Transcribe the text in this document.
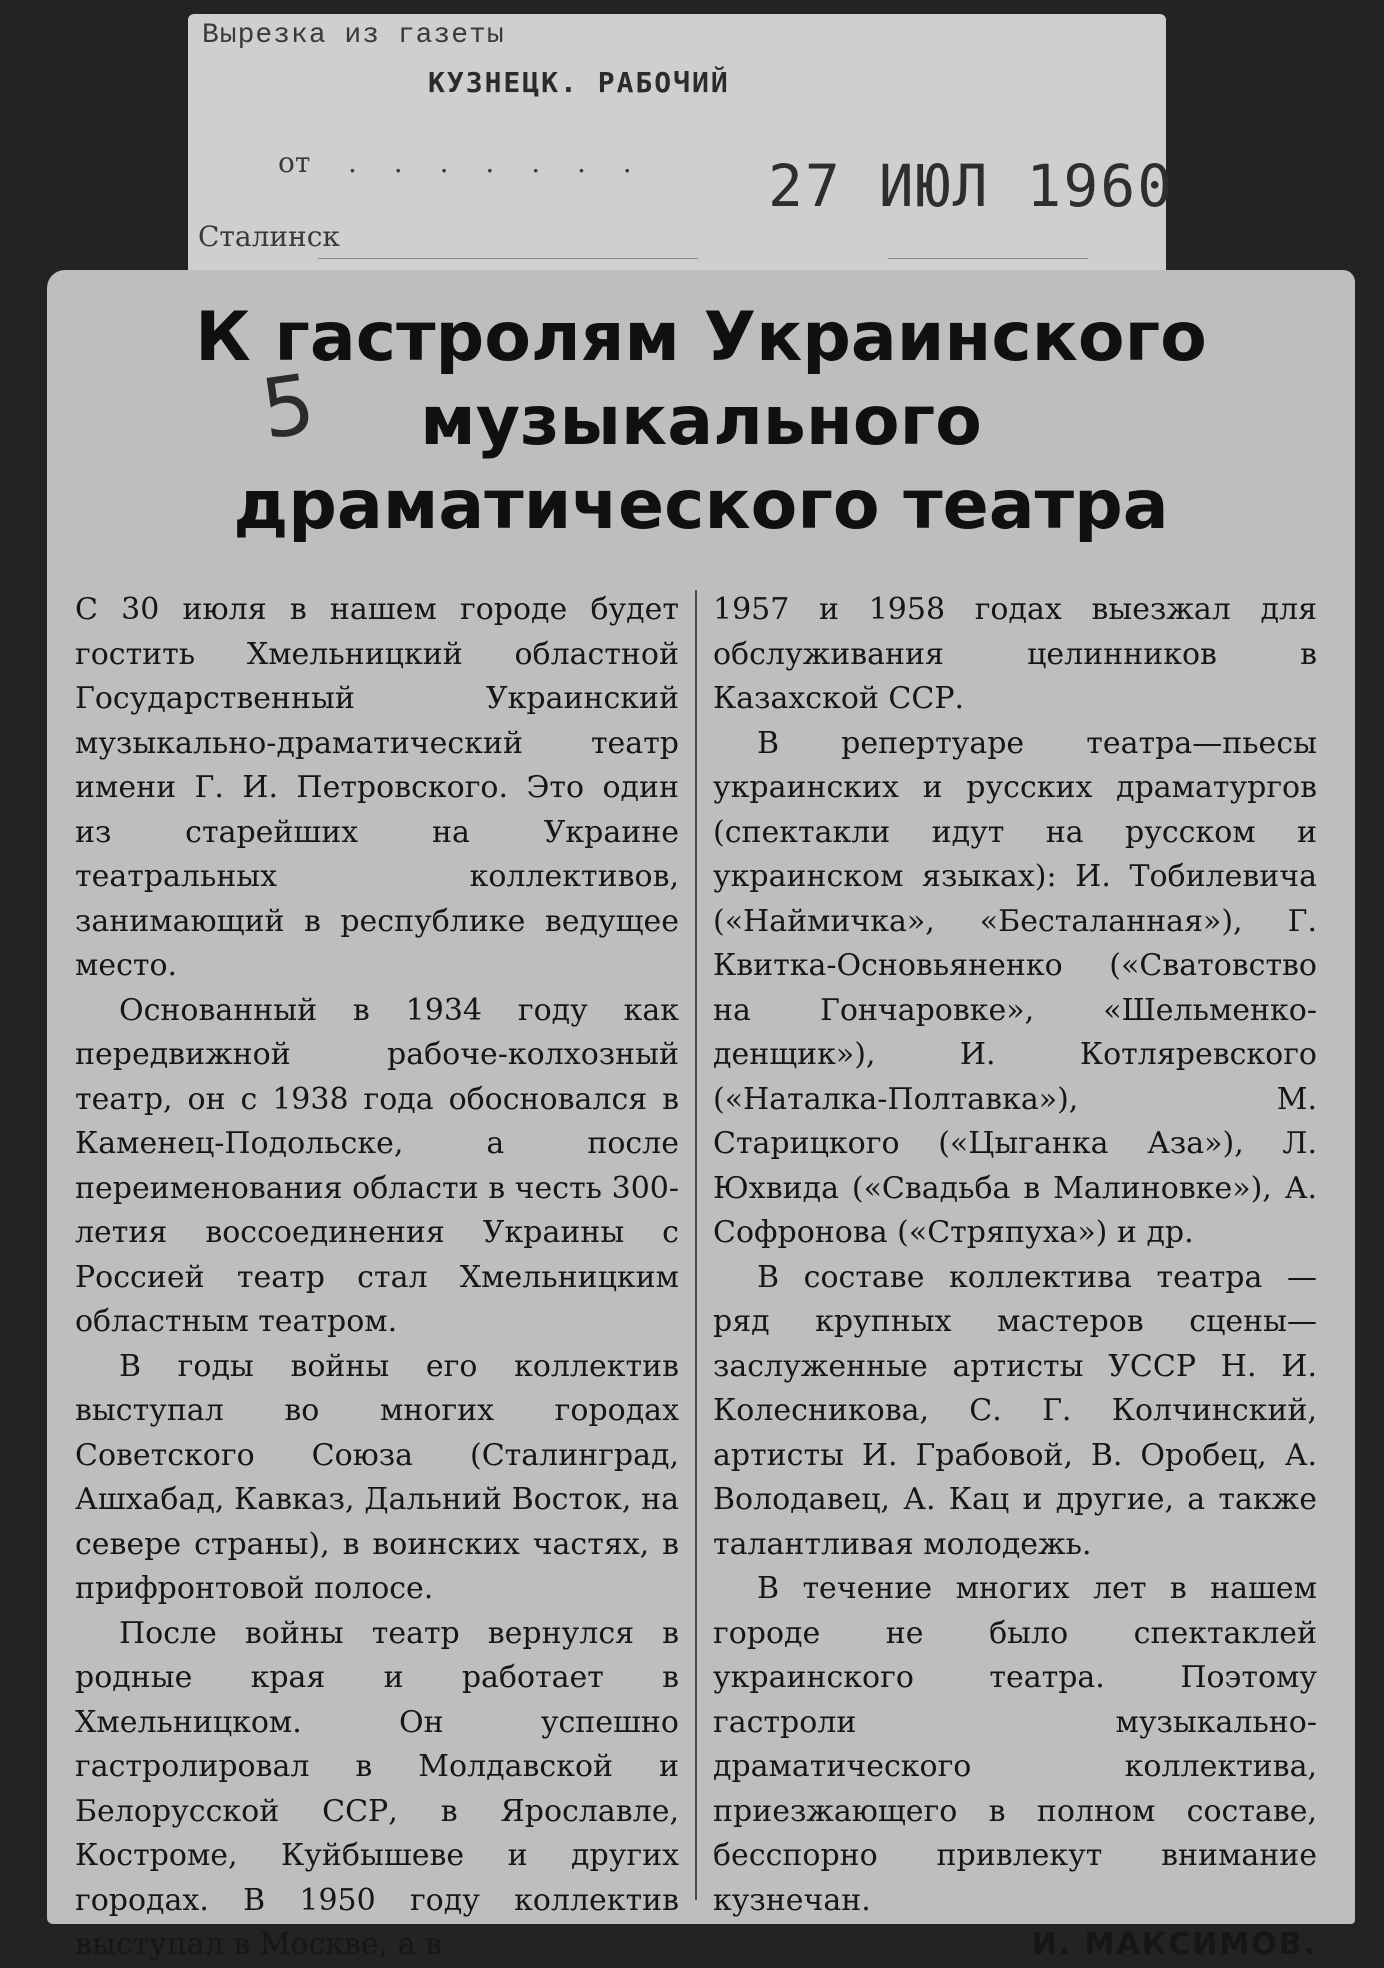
Вырезка из газеты
КУЗНЕЦК. РАБОЧИЙ
от . . . . . . . 27 ИЮЛ 1960
Сталинск
К гастролям Украинского
музыкального
драматического театра
5

С 30 июля в нашем городе будет гостить Хмельницкий областной Государственный Украинский музыкально-драматический театр имени Г. И. Петровского. Это один из старейших на Украине театральных коллективов, занимающий в республике ведущее место.

Основанный в 1934 году как передвижной рабоче-колхозный театр, он с 1938 года обосновался в Каменец-Подольске, а после переименования области в честь 300-летия воссоединения Украины с Россией театр стал Хмельницким областным театром.

В годы войны его коллектив выступал во многих городах Советского Союза (Сталинград, Ашхабад, Кавказ, Дальний Восток, на севере страны), в воинских частях, в прифронтовой полосе.

После войны театр вернулся в родные края и работает в Хмельницком. Он успешно гастролировал в Молдавской и Белорусской ССР, в Ярославле, Костроме, Куйбышеве и других городах. В 1950 году коллектив выступал в Москве, а в

1957 и 1958 годах выезжал для обслуживания целинников в Казахской ССР.

В репертуаре театра—пьесы украинских и русских драматургов (спектакли идут на русском и украинском языках): И. Тобилевича («Наймичка», «Бесталанная»), Г. Квитка-Основьяненко («Сватовство на Гончаровке», «Шельменко-денщик»), И. Котляревского («Наталка-Полтавка»), М. Старицкого («Цыганка Аза»), Л. Юхвида («Свадьба в Малиновке»), А. Софронова («Стряпуха») и др.

В составе коллектива театра — ряд крупных мастеров сцены—заслуженные артисты УССР Н. И. Колесникова, С. Г. Колчинский, артисты И. Грабовой, В. Оробец, А. Володавец, А. Кац и другие, а также талантливая молодежь.

В течение многих лет в нашем городе не было спектаклей украинского театра. Поэтому гастроли музыкально-драматического коллектива, приезжающего в полном составе, бесспорно привлекут внимание кузнечан.

И. МАКСИМОВ.
